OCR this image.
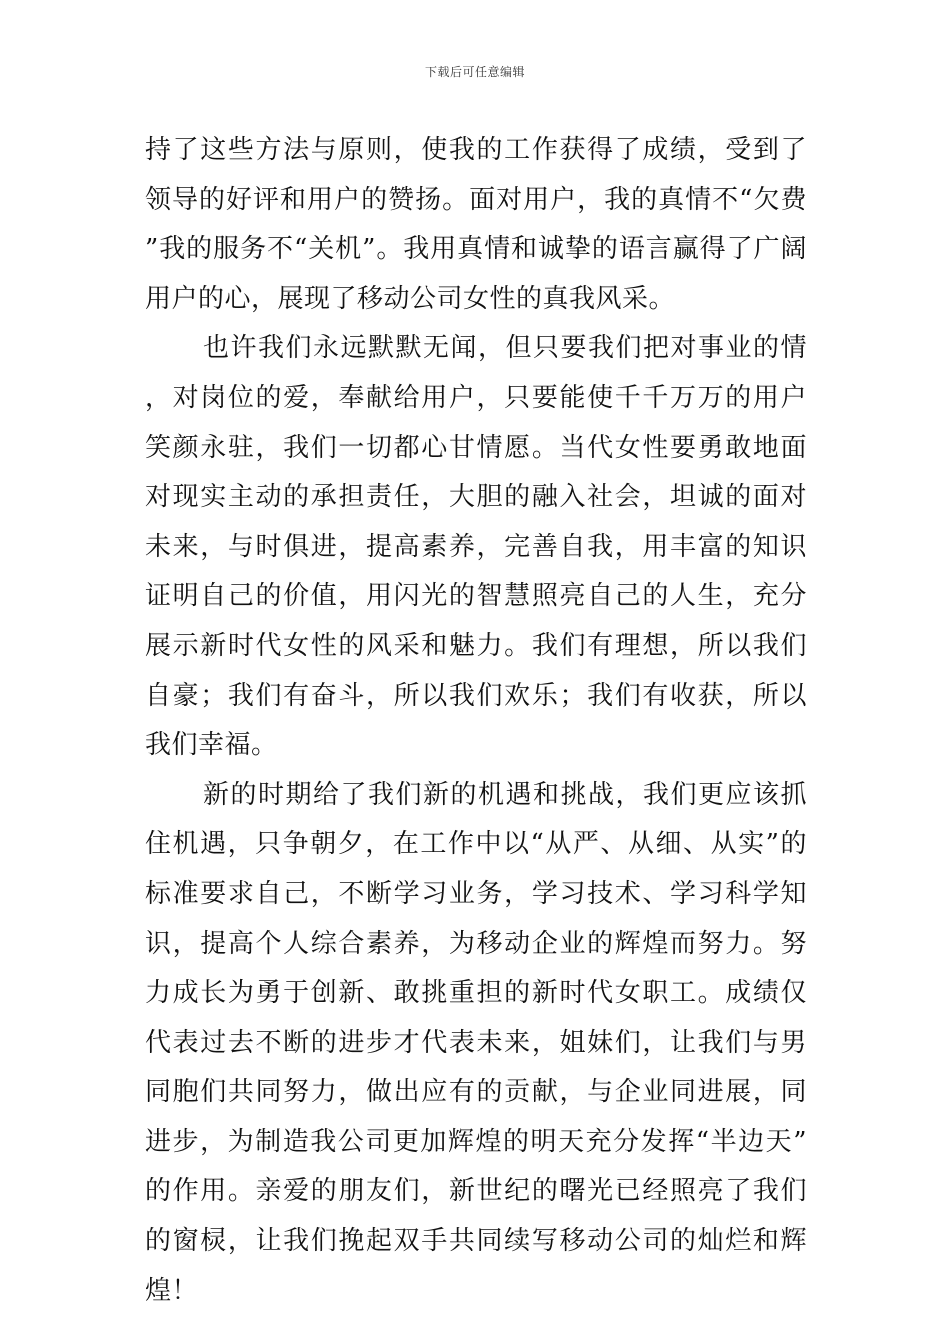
下载后可任意编辑

持了这些方法与原则，使我的工作获得了成绩，受到了领导的好评和用户的赞扬。面对用户，我的真情不“欠费”我的服务不“关机”。我用真情和诚挚的语言赢得了广阔用户的心，展现了移动公司女性的真我风采。

也许我们永远默默无闻，但只要我们把对事业的情，对岗位的爱，奉献给用户，只要能使千千万万的用户笑颜永驻，我们一切都心甘情愿。当代女性要勇敢地面对现实主动的承担责任，大胆的融入社会，坦诚的面对未来，与时俱进，提高素养，完善自我，用丰富的知识证明自己的价值，用闪光的智慧照亮自己的人生，充分展示新时代女性的风采和魅力。我们有理想，所以我们自豪；我们有奋斗，所以我们欢乐；我们有收获，所以我们幸福。

新的时期给了我们新的机遇和挑战，我们更应该抓住机遇，只争朝夕，在工作中以“从严、从细、从实”的标准要求自己，不断学习业务，学习技术、学习科学知识，提高个人综合素养，为移动企业的辉煌而努力。努力成长为勇于创新、敢挑重担的新时代女职工。成绩仅代表过去不断的进步才代表未来，姐妹们，让我们与男同胞们共同努力，做出应有的贡献，与企业同进展，同进步，为制造我公司更加辉煌的明天充分发挥“半边天”的作用。亲爱的朋友们，新世纪的曙光已经照亮了我们的窗棂，让我们挽起双手共同续写移动公司的灿烂和辉煌！
